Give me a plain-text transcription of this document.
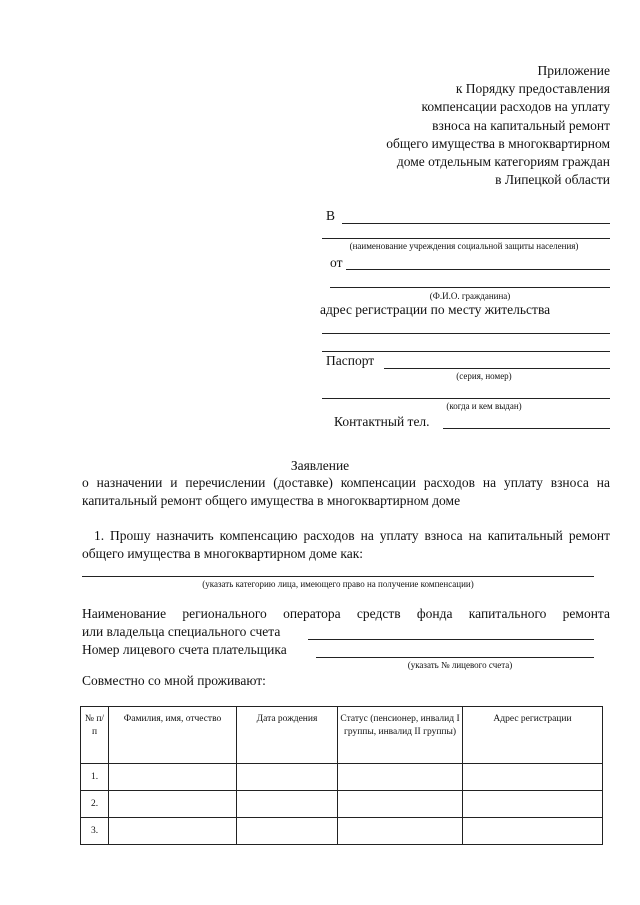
Приложение
к Порядку предоставления
компенсации расходов на уплату
взноса на капитальный ремонт
общего имущества в многоквартирном
доме отдельным категориям граждан
в Липецкой области
В
(наименование учреждения социальной защиты населения)
от
(Ф.И.О. гражданина)
адрес регистрации по месту жительства
Паспорт
(серия, номер)
(когда и кем выдан)
Контактный тел.
Заявление
о назначении и перечислении (доставке) компенсации расходов на уплату взноса на капитальный ремонт общего имущества в многоквартирном доме
1. Прошу назначить компенсацию расходов на уплату взноса на капитальный ремонт общего имущества в многоквартирном доме как:
(указать категорию лица, имеющего право на получение компенсации)
Наименование регионального оператора средств фонда капитального ремонта
или владельца специального счета
Номер лицевого счета плательщика
(указать № лицевого счета)
Совместно со мной проживают:
№ п/п	Фамилия, имя, отчество	Дата рождения	Статус (пенсионер, инвалид I группы, инвалид II группы)	Адрес регистрации
1.				
2.				
3.				
